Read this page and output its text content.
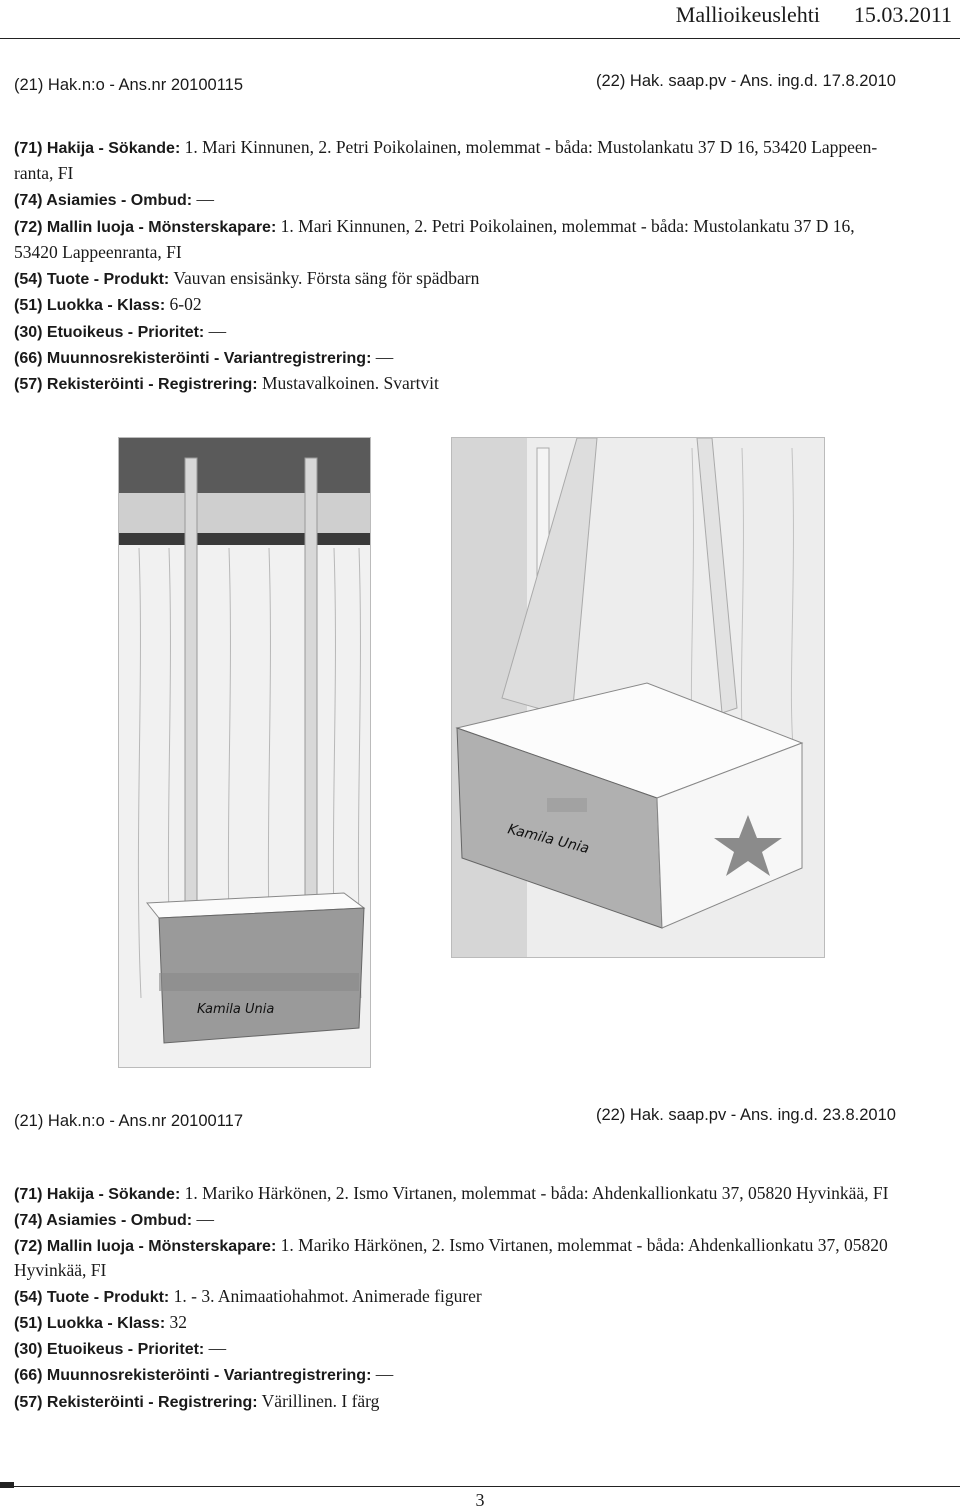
Mallioikeuslehti 15.03.2011
(21) Hak.n:o - Ans.nr 20100115	(22) Hak. saap.pv - Ans. ing.d. 17.8.2010
(71) Hakija - Sökande: 1. Mari Kinnunen, 2. Petri Poikolainen, molemmat - båda: Mustolankatu 37 D 16, 53420 Lappeen-
ranta, FI
(74) Asiamies - Ombud: —
(72) Mallin luoja - Mönsterskapare: 1. Mari Kinnunen, 2. Petri Poikolainen, molemmat - båda: Mustolankatu 37 D 16,
53420 Lappeenranta, FI
(54) Tuote - Produkt: Vauvan ensisänky. Första säng för spädbarn
(51) Luokka - Klass: 6-02
(30) Etuoikeus - Prioritet: —
(66) Muunnosrekisteröinti - Variantregistrering: —
(57) Rekisteröinti - Registrering: Mustavalkoinen. Svartvit
Kamila Unia
Kamila Unia
(21) Hak.n:o - Ans.nr 20100117	(22) Hak. saap.pv - Ans. ing.d. 23.8.2010
(71) Hakija - Sökande: 1. Mariko Härkönen, 2. Ismo Virtanen, molemmat - båda: Ahdenkallionkatu 37, 05820 Hyvinkää, FI
(74) Asiamies - Ombud: —
(72) Mallin luoja - Mönsterskapare: 1. Mariko Härkönen, 2. Ismo Virtanen, molemmat - båda: Ahdenkallionkatu 37, 05820
Hyvinkää, FI
(54) Tuote - Produkt: 1. - 3. Animaatiohahmot. Animerade figurer
(51) Luokka - Klass: 32
(30) Etuoikeus - Prioritet: —
(66) Muunnosrekisteröinti - Variantregistrering: —
(57) Rekisteröinti - Registrering: Värillinen. I färg
3
